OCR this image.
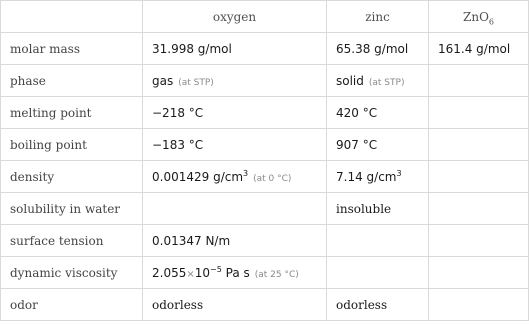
	oxygen	zinc	ZnO$_6$
molar mass	31.998 g/mol	65.38 g/mol	161.4 g/mol
phase	gas (at STP)	solid (at STP)	
melting point	−218 °C	420 °C	
boiling point	−183 °C	907 °C	
density	0.001429 $g/cm^3(at$ 0 °C)	7.14 $g/cm^3$	
solubility in water		insoluble	
surface tension	0.01347 N/m		
dynamic viscosity	$2.055\times 10^{-5}$ Pa s (at 25 °C)		
odor	odorless	odorless	
